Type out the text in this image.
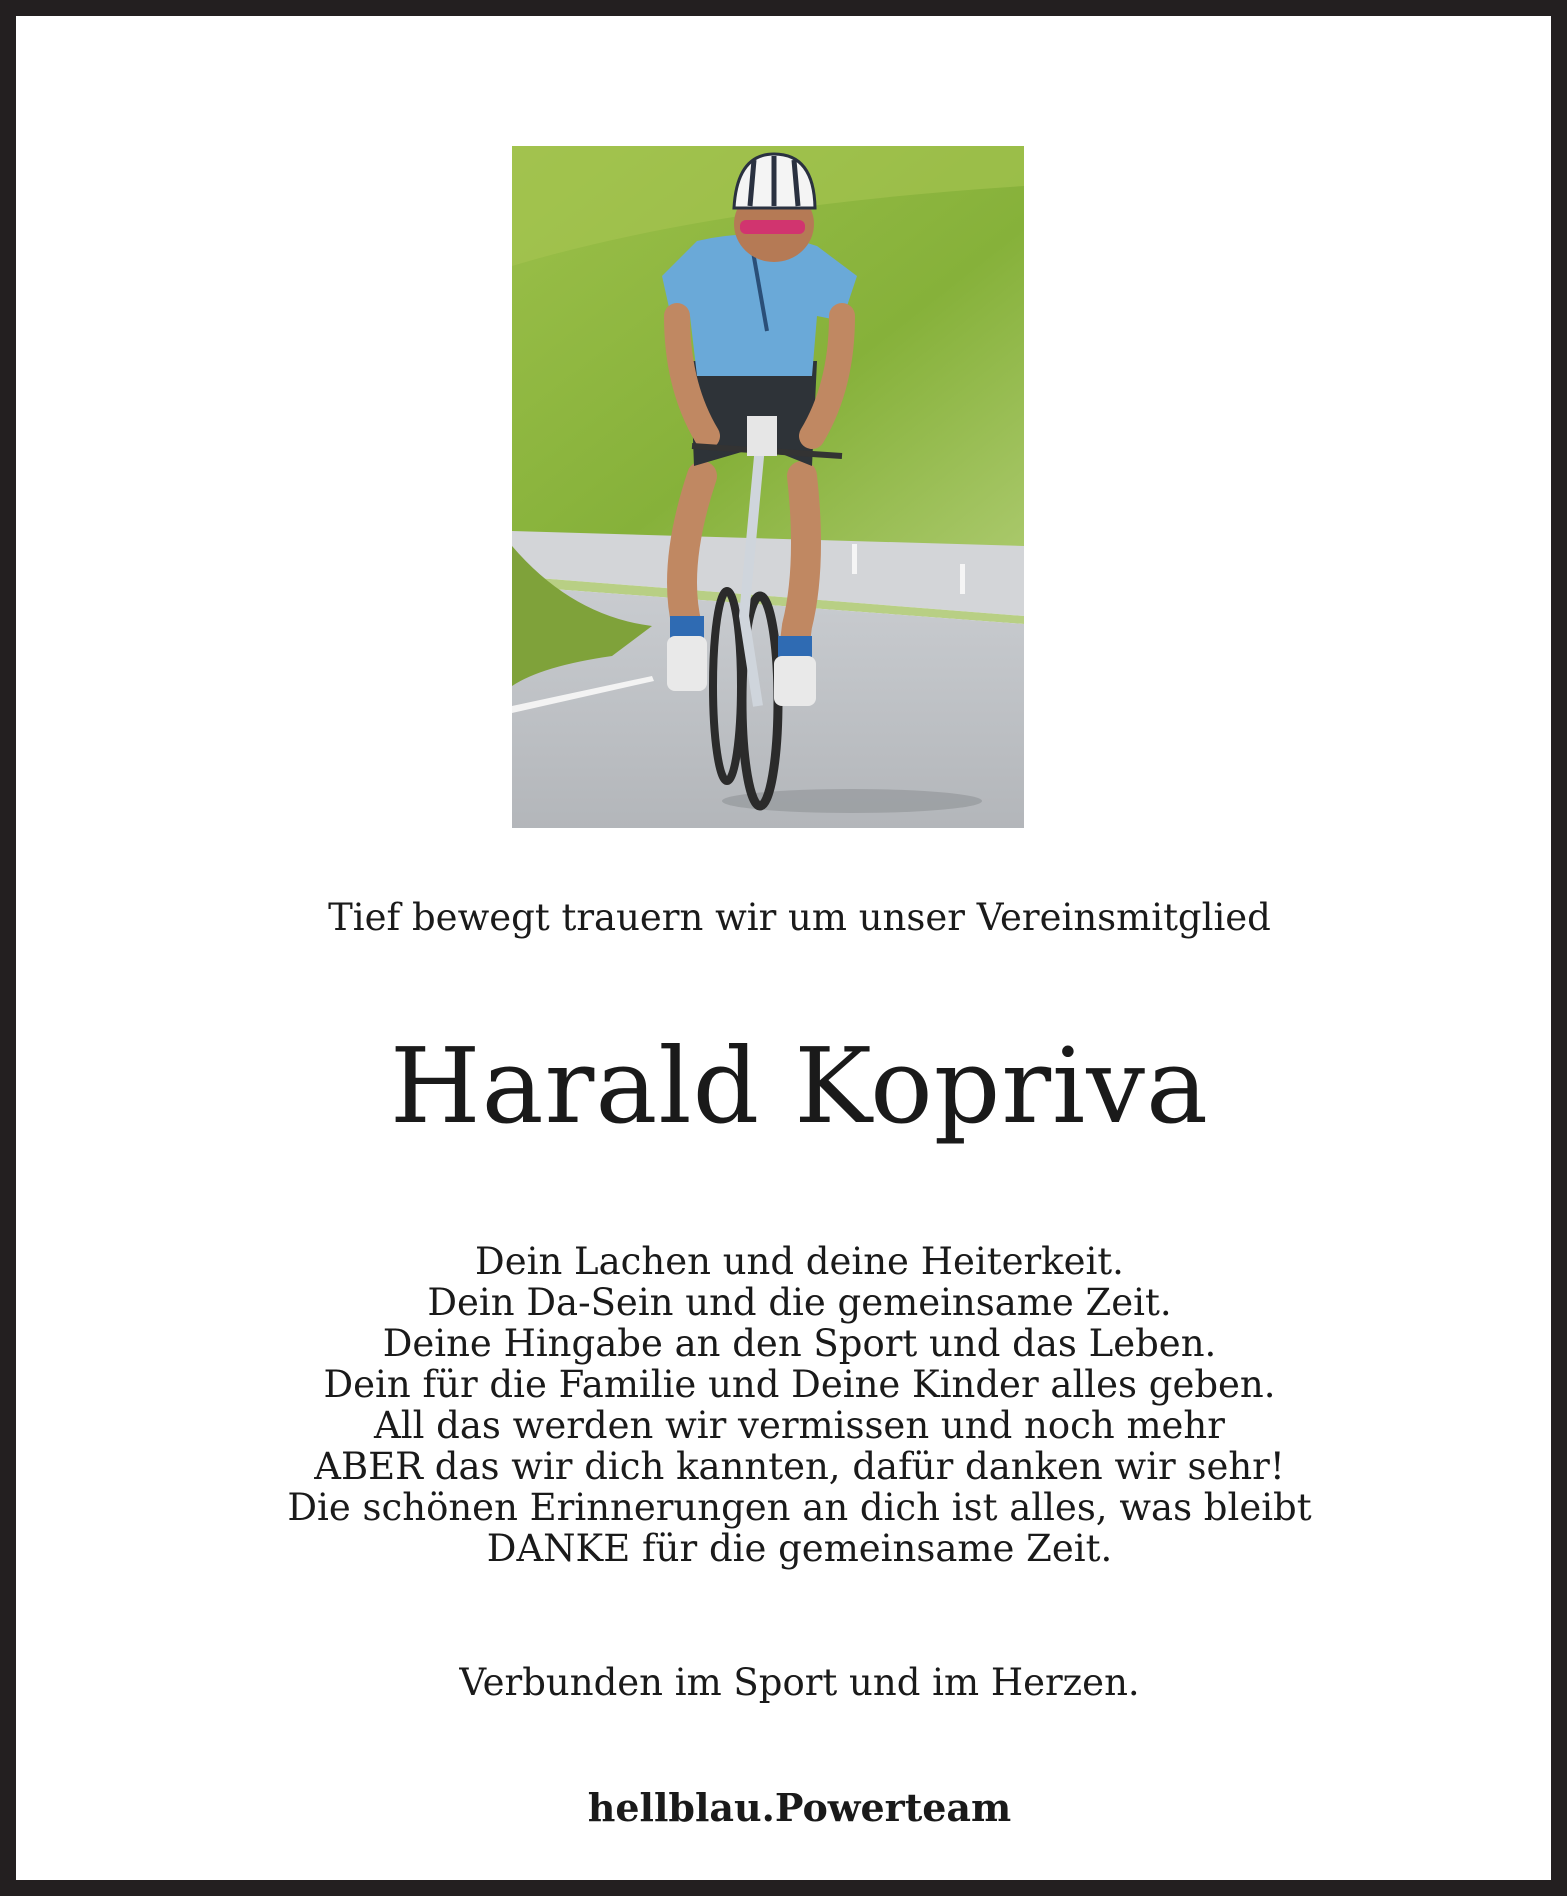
Tief bewegt trauern wir um unser Vereinsmitglied
Harald Kopriva
Dein Lachen und deine Heiterkeit.
Dein Da-Sein und die gemeinsame Zeit.
Deine Hingabe an den Sport und das Leben.
Dein für die Familie und Deine Kinder alles geben.
All das werden wir vermissen und noch mehr
ABER das wir dich kannten, dafür danken wir sehr!
Die schönen Erinnerungen an dich ist alles, was bleibt
DANKE für die gemeinsame Zeit.
Verbunden im Sport und im Herzen.
hellblau.Powerteam
